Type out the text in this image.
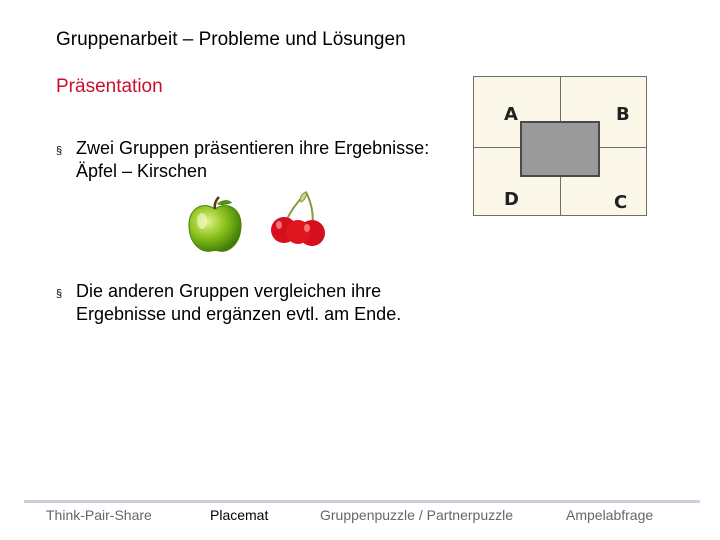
Gruppenarbeit – Probleme und Lösungen
Präsentation
§ Zwei Gruppen präsentieren ihre Ergebnisse: Äpfel – Kirschen
A	B
D	C
§ Die anderen Gruppen vergleichen ihre Ergebnisse und ergänzen evtl. am Ende.
Think-Pair-Share	Placemat	Gruppenpuzzle / Partnerpuzzle	Ampelabfrage
